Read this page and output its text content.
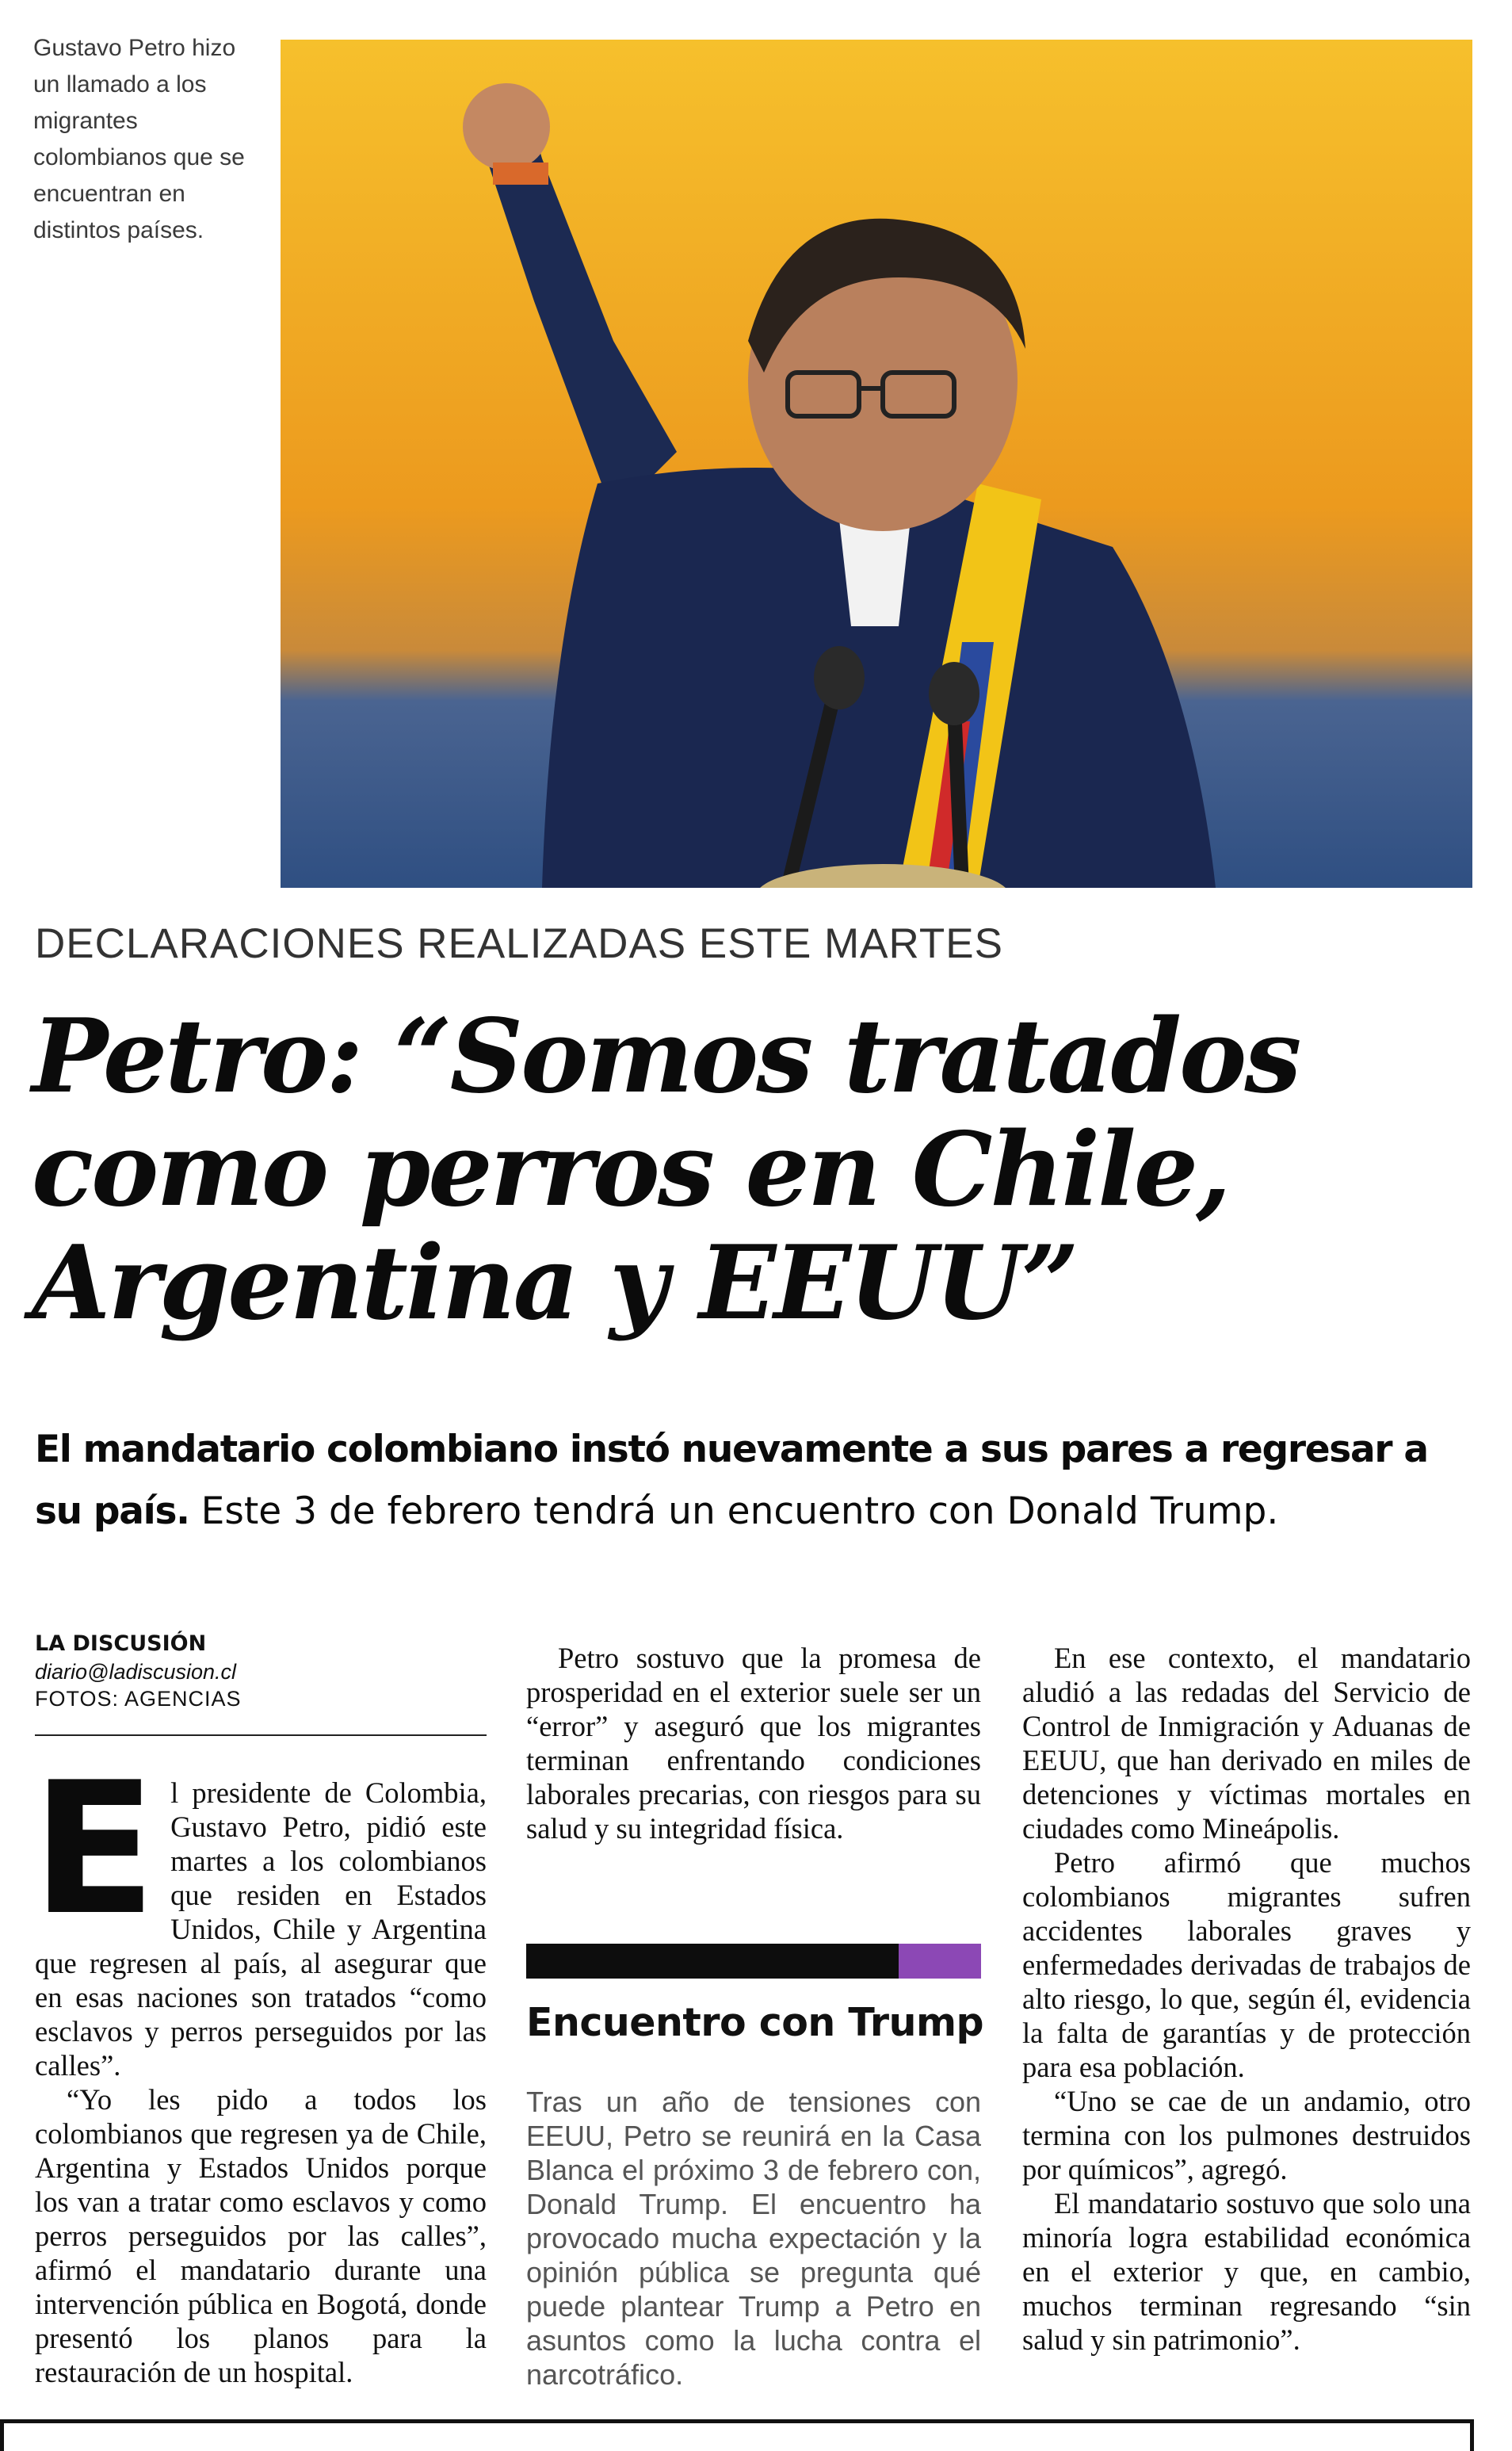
Gustavo Petro hizo un llamado a los migrantes colombianos que se encuentran en distintos países.
DECLARACIONES REALIZADAS ESTE MARTES
Petro: “Somos tratados
como perros en Chile,
Argentina y EEUU”
El mandatario colombiano instó nuevamente a sus pares a regresar a su país. Este 3 de febrero tendrá un encuentro con Donald Trump.
LA DISCUSIÓN
diario@ladiscusion.cl
FOTOS: AGENCIAS

El presidente de Colombia, Gustavo Petro, pidió este martes a los colombianos que residen en Estados Unidos, Chile y Argentina que regresen al país, al asegurar que en esas naciones son tratados “como esclavos y perros perseguidos por las calles”.

“Yo les pido a todos los colombianos que regresen ya de Chile, Argentina y Estados Unidos porque los van a tratar como esclavos y como perros perseguidos por las calles”, afirmó el mandatario durante una intervención pública en Bogotá, donde presentó los planos para la restauración de un hospital.

Petro sostuvo que la promesa de prosperidad en el exterior suele ser un “error” y aseguró que los migrantes terminan enfrentando condiciones laborales precarias, con riesgos para su salud y su integridad física.

Encuentro con Trump
Tras un año de tensiones con EEUU, Petro se reunirá en la Casa Blanca el próximo 3 de febrero con, Donald Trump. El encuentro ha provocado mucha expectación y la opinión pública se pregunta qué puede plantear Trump a Petro en asuntos como la lucha contra el narcotráfico.

En ese contexto, el mandatario aludió a las redadas del Servicio de Control de Inmigración y Aduanas de EEUU, que han derivado en miles de detenciones y víctimas mortales en ciudades como Mineápolis.

Petro afirmó que muchos colombianos migrantes sufren accidentes laborales graves y enfermedades derivadas de trabajos de alto riesgo, lo que, según él, evidencia la falta de garantías y de protección para esa población.

“Uno se cae de un andamio, otro termina con los pulmones destruidos por químicos”, agregó.

El mandatario sostuvo que solo una minoría logra estabilidad económica en el exterior y que, en cambio, muchos terminan regresando “sin salud y sin patrimonio”.
